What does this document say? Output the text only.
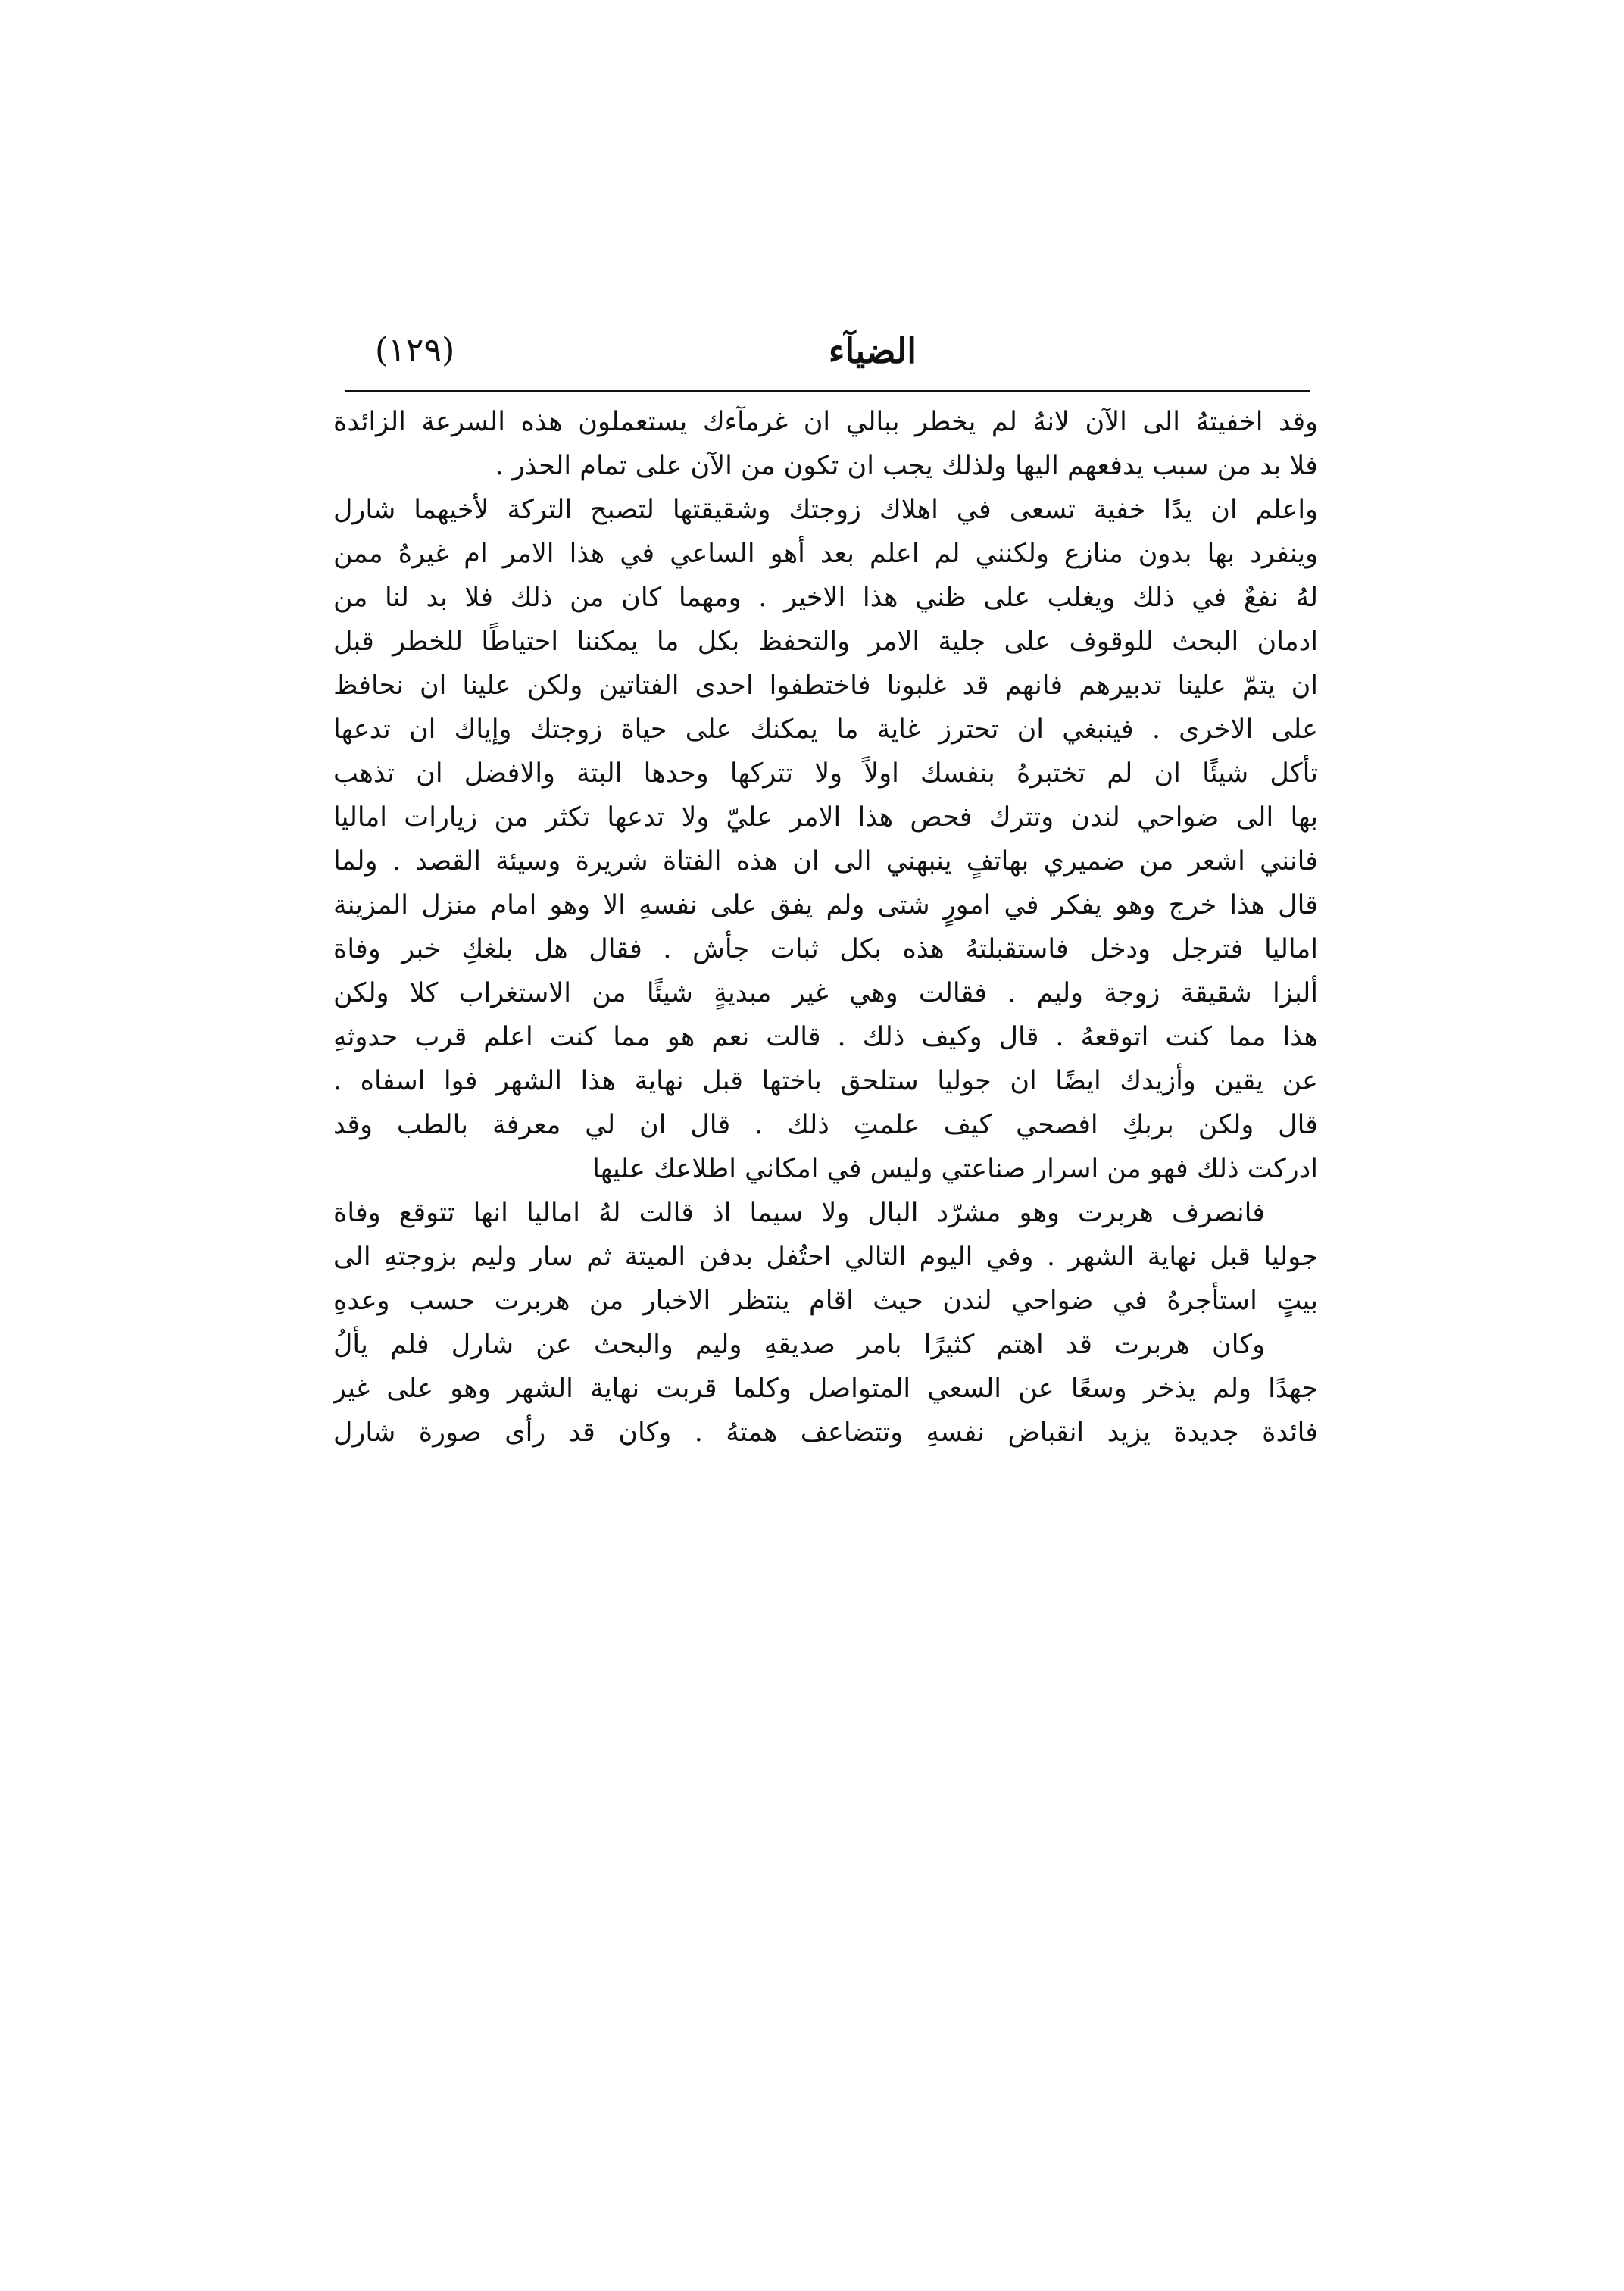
الضيآء
(١٢٩)
وقد اخفيتهُ الى الآن لانهُ لم يخطر ببالي ان غرمآءك يستعملون هذه السرعة الزائدة
فلا بد من سبب يدفعهم اليها ولذلك يجب ان تكون من الآن على تمام الحذر .
واعلم ان يدًا خفية تسعى في اهلاك زوجتك وشقيقتها لتصبح التركة لأخيهما شارل
وينفرد بها بدون منازع ولكنني لم اعلم بعد أهو الساعي في هذا الامر ام غيرهُ ممن
لهُ نفعٌ في ذلك ويغلب على ظني هذا الاخير . ومهما كان من ذلك فلا بد لنا من
ادمان البحث للوقوف على جلية الامر والتحفظ بكل ما يمكننا احتياطًا للخطر قبل
ان يتمّ علينا تدبيرهم فانهم قد غلبونا فاختطفوا احدى الفتاتين ولكن علينا ان نحافظ
على الاخرى . فينبغي ان تحترز غاية ما يمكنك على حياة زوجتك وإياك ان تدعها
تأكل شيئًا ان لم تختبرهُ بنفسك اولاً ولا تتركها وحدها البتة والافضل ان تذهب
بها الى ضواحي لندن وتترك فحص هذا الامر عليّ ولا تدعها تكثر من زيارات اماليا
فانني اشعر من ضميري بهاتفٍ ينبهني الى ان هذه الفتاة شريرة وسيئة القصد . ولما
قال هذا خرج وهو يفكر في امورٍ شتى ولم يفق على نفسهِ الا وهو امام منزل المزينة
اماليا فترجل ودخل فاستقبلتهُ هذه بكل ثبات جأش . فقال هل بلغكِ خبر وفاة
ألبزا شقيقة زوجة وليم . فقالت وهي غير مبديةٍ شيئًا من الاستغراب كلا ولكن
هذا مما كنت اتوقعهُ . قال وكيف ذلك . قالت نعم هو مما كنت اعلم قرب حدوثهِ
عن يقين وأزيدك ايضًا ان جوليا ستلحق باختها قبل نهاية هذا الشهر فوا اسفاه .
قال ولكن بربكِ افصحي كيف علمتِ ذلك . قال ان لي معرفة بالطب وقد
ادركت ذلك فهو من اسرار صناعتي وليس في امكاني اطلاعك عليها
فانصرف هربرت وهو مشرّد البال ولا سيما اذ قالت لهُ اماليا انها تتوقع وفاة
جوليا قبل نهاية الشهر . وفي اليوم التالي احتُفل بدفن الميتة ثم سار وليم بزوجتهِ الى
بيتٍ استأجرهُ في ضواحي لندن حيث اقام ينتظر الاخبار من هربرت حسب وعدهِ
وكان هربرت قد اهتم كثيرًا بامر صديقهِ وليم والبحث عن شارل فلم يألُ
جهدًا ولم يذخر وسعًا عن السعي المتواصل وكلما قربت نهاية الشهر وهو على غير
فائدة جديدة يزيد انقباض نفسهِ وتتضاعف همتهُ . وكان قد رأى صورة شارل
